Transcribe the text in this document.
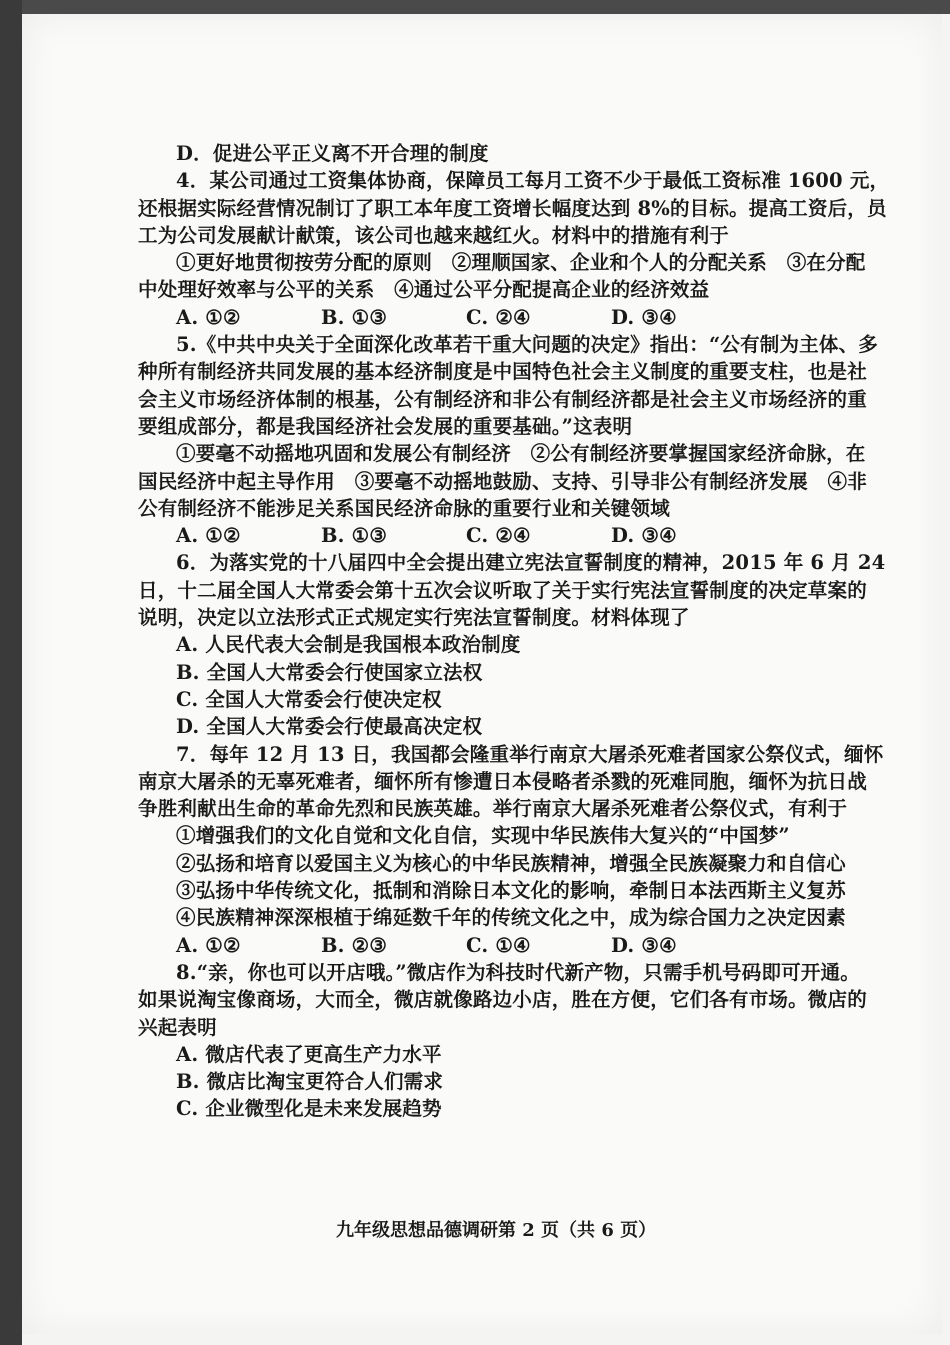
D．促进公平正义离不开合理的制度
4．某公司通过工资集体协商，保障员工每月工资不少于最低工资标准 1600 元，
还根据实际经营情况制订了职工本年度工资增长幅度达到 8%的目标。提高工资后，员
工为公司发展献计献策，该公司也越来越红火。材料中的措施有利于
①更好地贯彻按劳分配的原则　②理顺国家、企业和个人的分配关系　③在分配
中处理好效率与公平的关系　④通过公平分配提高企业的经济效益
A. ①②	B. ①③	C. ②④	D. ③④
5.《中共中央关于全面深化改革若干重大问题的决定》指出：“公有制为主体、多
种所有制经济共同发展的基本经济制度是中国特色社会主义制度的重要支柱，也是社
会主义市场经济体制的根基，公有制经济和非公有制经济都是社会主义市场经济的重
要组成部分，都是我国经济社会发展的重要基础。”这表明
①要毫不动摇地巩固和发展公有制经济　②公有制经济要掌握国家经济命脉，在
国民经济中起主导作用　③要毫不动摇地鼓励、支持、引导非公有制经济发展　④非
公有制经济不能涉足关系国民经济命脉的重要行业和关键领域
A. ①②	B. ①③	C. ②④	D. ③④
6．为落实党的十八届四中全会提出建立宪法宣誓制度的精神，2015 年 6 月 24
日，十二届全国人大常委会第十五次会议听取了关于实行宪法宣誓制度的决定草案的
说明，决定以立法形式正式规定实行宪法宣誓制度。材料体现了
A. 人民代表大会制是我国根本政治制度
B. 全国人大常委会行使国家立法权
C. 全国人大常委会行使决定权
D. 全国人大常委会行使最高决定权
7．每年 12 月 13 日，我国都会隆重举行南京大屠杀死难者国家公祭仪式，缅怀
南京大屠杀的无辜死难者，缅怀所有惨遭日本侵略者杀戮的死难同胞，缅怀为抗日战
争胜利献出生命的革命先烈和民族英雄。举行南京大屠杀死难者公祭仪式，有利于
①增强我们的文化自觉和文化自信，实现中华民族伟大复兴的“中国梦”
②弘扬和培育以爱国主义为核心的中华民族精神，增强全民族凝聚力和自信心
③弘扬中华传统文化，抵制和消除日本文化的影响，牵制日本法西斯主义复苏
④民族精神深深根植于绵延数千年的传统文化之中，成为综合国力之决定因素
A. ①②	B. ②③	C. ①④	D. ③④
8.“亲，你也可以开店哦。”微店作为科技时代新产物，只需手机号码即可开通。
如果说淘宝像商场，大而全，微店就像路边小店，胜在方便，它们各有市场。微店的
兴起表明
A. 微店代表了更高生产力水平
B. 微店比淘宝更符合人们需求
C. 企业微型化是未来发展趋势
九年级思想品德调研第 2 页（共 6 页）
